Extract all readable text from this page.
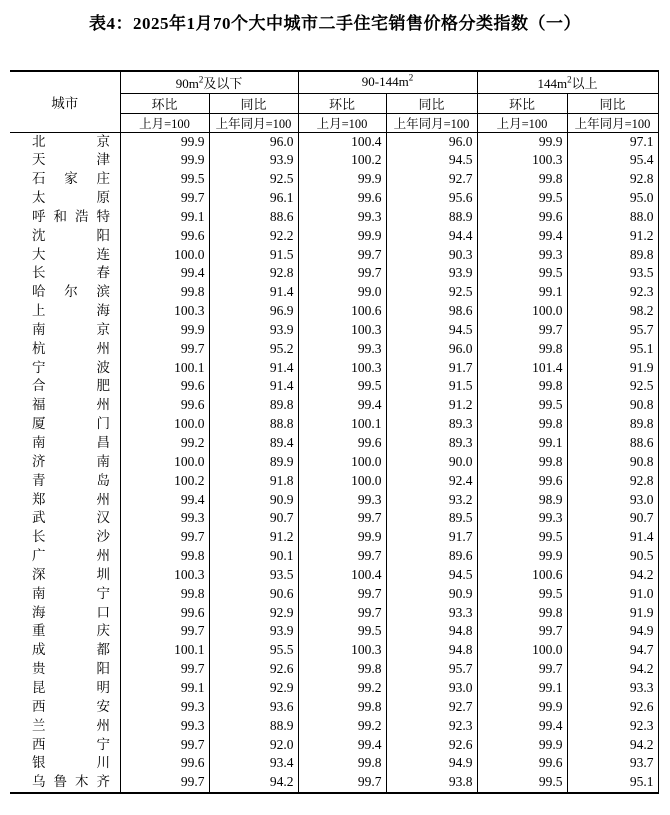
表4：2025年1月70个大中城市二手住宅销售价格分类指数（一）
城市	$90m^2$及以下		$90-144m^2$		$144m^2$以上	
	环比	同比	环比	同比	环比	同比
	上月=100	上年同月=100	上月=100	上年同月=100	上月=100	上年同月=100
北京	99.9	96.0	100.4	96.0	99.9	97.1
天津	99.9	93.9	100.2	94.5	100.3	95.4
石家庄	99.5	92.5	99.9	92.7	99.8	92.8
太原	99.7	96.1	99.6	95.6	99.5	95.0
呼和浩特	99.1	88.6	99.3	88.9	99.6	88.0
沈阳	99.6	92.2	99.9	94.4	99.4	91.2
大连	100.0	91.5	99.7	90.3	99.3	89.8
长春	99.4	92.8	99.7	93.9	99.5	93.5
哈尔滨	99.8	91.4	99.0	92.5	99.1	92.3
上海	100.3	96.9	100.6	98.6	100.0	98.2
南京	99.9	93.9	100.3	94.5	99.7	95.7
杭州	99.7	95.2	99.3	96.0	99.8	95.1
宁波	100.1	91.4	100.3	91.7	101.4	91.9
合肥	99.6	91.4	99.5	91.5	99.8	92.5
福州	99.6	89.8	99.4	91.2	99.5	90.8
厦门	100.0	88.8	100.1	89.3	99.8	89.8
南昌	99.2	89.4	99.6	89.3	99.1	88.6
济南	100.0	89.9	100.0	90.0	99.8	90.8
青岛	100.2	91.8	100.0	92.4	99.6	92.8
郑州	99.4	90.9	99.3	93.2	98.9	93.0
武汉	99.3	90.7	99.7	89.5	99.3	90.7
长沙	99.7	91.2	99.9	91.7	99.5	91.4
广州	99.8	90.1	99.7	89.6	99.9	90.5
深圳	100.3	93.5	100.4	94.5	100.6	94.2
南宁	99.8	90.6	99.7	90.9	99.5	91.0
海口	99.6	92.9	99.7	93.3	99.8	91.9
重庆	99.7	93.9	99.5	94.8	99.7	94.9
成都	100.1	95.5	100.3	94.8	100.0	94.7
贵阳	99.7	92.6	99.8	95.7	99.7	94.2
昆明	99.1	92.9	99.2	93.0	99.1	93.3
西安	99.3	93.6	99.8	92.7	99.9	92.6
兰州	99.3	88.9	99.2	92.3	99.4	92.3
西宁	99.7	92.0	99.4	92.6	99.9	94.2
银川	99.6	93.4	99.8	94.9	99.6	93.7
乌鲁木齐	99.7	94.2	99.7	93.8	99.5	95.1
